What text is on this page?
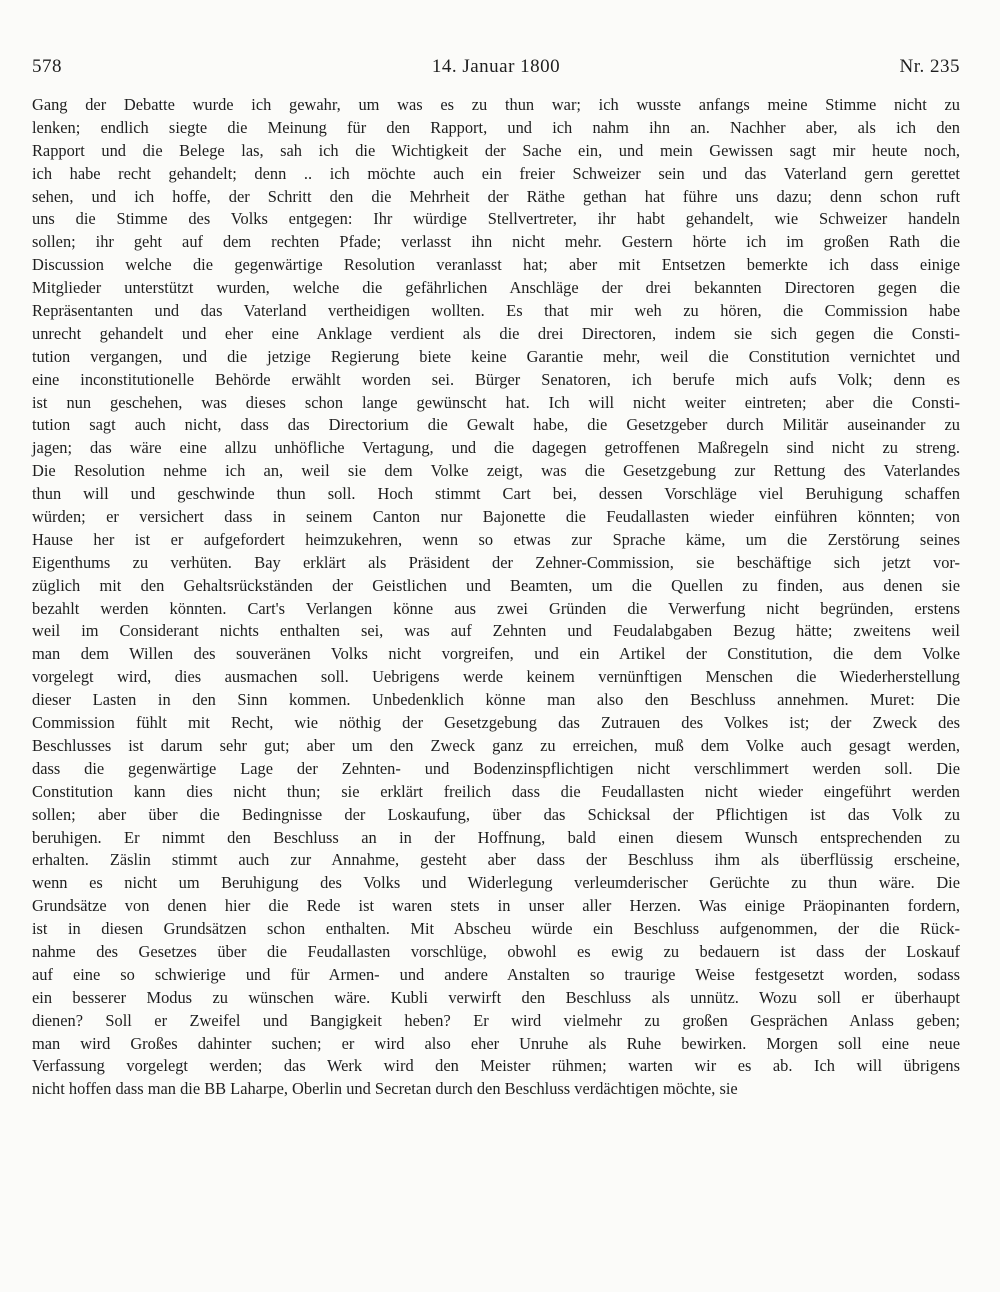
578	14. Januar 1800	Nr. 235
Gang der Debatte wurde ich gewahr, um was es zu thun war; ich wusste anfangs meine Stimme nicht zu
lenken; endlich siegte die Meinung für den Rapport, und ich nahm ihn an. Nachher aber, als ich den
Rapport und die Belege las, sah ich die Wichtigkeit der Sache ein, und mein Gewissen sagt mir heute noch,
ich habe recht gehandelt; denn .. ich möchte auch ein freier Schweizer sein und das Vaterland gern gerettet
sehen, und ich hoffe, der Schritt den die Mehrheit der Räthe gethan hat führe uns dazu; denn schon ruft
uns die Stimme des Volks entgegen: Ihr würdige Stellvertreter, ihr habt gehandelt, wie Schweizer handeln
sollen; ihr geht auf dem rechten Pfade; verlasst ihn nicht mehr. Gestern hörte ich im großen Rath die
Discussion welche die gegenwärtige Resolution veranlasst hat; aber mit Entsetzen bemerkte ich dass einige
Mitglieder unterstützt wurden, welche die gefährlichen Anschläge der drei bekannten Directoren gegen die
Repräsentanten und das Vaterland vertheidigen wollten. Es that mir weh zu hören, die Commission habe
unrecht gehandelt und eher eine Anklage verdient als die drei Directoren, indem sie sich gegen die Consti-
tution vergangen, und die jetzige Regierung biete keine Garantie mehr, weil die Constitution vernichtet und
eine inconstitutionelle Behörde erwählt worden sei. Bürger Senatoren, ich berufe mich aufs Volk; denn es
ist nun geschehen, was dieses schon lange gewünscht hat. Ich will nicht weiter eintreten; aber die Consti-
tution sagt auch nicht, dass das Directorium die Gewalt habe, die Gesetzgeber durch Militär auseinander zu
jagen; das wäre eine allzu unhöfliche Vertagung, und die dagegen getroffenen Maßregeln sind nicht zu streng.
Die Resolution nehme ich an, weil sie dem Volke zeigt, was die Gesetzgebung zur Rettung des Vaterlandes
thun will und geschwinde thun soll. Hoch stimmt Cart bei, dessen Vorschläge viel Beruhigung schaffen
würden; er versichert dass in seinem Canton nur Bajonette die Feudallasten wieder einführen könnten; von
Hause her ist er aufgefordert heimzukehren, wenn so etwas zur Sprache käme, um die Zerstörung seines
Eigenthums zu verhüten. Bay erklärt als Präsident der Zehner-Commission, sie beschäftige sich jetzt vor-
züglich mit den Gehaltsrückständen der Geistlichen und Beamten, um die Quellen zu finden, aus denen sie
bezahlt werden könnten. Cart's Verlangen könne aus zwei Gründen die Verwerfung nicht begründen, erstens
weil im Considerant nichts enthalten sei, was auf Zehnten und Feudalabgaben Bezug hätte; zweitens weil
man dem Willen des souveränen Volks nicht vorgreifen, und ein Artikel der Constitution, die dem Volke
vorgelegt wird, dies ausmachen soll. Uebrigens werde keinem vernünftigen Menschen die Wiederherstellung
dieser Lasten in den Sinn kommen. Unbedenklich könne man also den Beschluss annehmen. Muret: Die
Commission fühlt mit Recht, wie nöthig der Gesetzgebung das Zutrauen des Volkes ist; der Zweck des
Beschlusses ist darum sehr gut; aber um den Zweck ganz zu erreichen, muß dem Volke auch gesagt werden,
dass die gegenwärtige Lage der Zehnten- und Bodenzinspflichtigen nicht verschlimmert werden soll. Die
Constitution kann dies nicht thun; sie erklärt freilich dass die Feudallasten nicht wieder eingeführt werden
sollen; aber über die Bedingnisse der Loskaufung, über das Schicksal der Pflichtigen ist das Volk zu
beruhigen. Er nimmt den Beschluss an in der Hoffnung, bald einen diesem Wunsch entsprechenden zu
erhalten. Zäslin stimmt auch zur Annahme, gesteht aber dass der Beschluss ihm als überflüssig erscheine,
wenn es nicht um Beruhigung des Volks und Widerlegung verleumderischer Gerüchte zu thun wäre. Die
Grundsätze von denen hier die Rede ist waren stets in unser aller Herzen. Was einige Präopinanten fordern,
ist in diesen Grundsätzen schon enthalten. Mit Abscheu würde ein Beschluss aufgenommen, der die Rück-
nahme des Gesetzes über die Feudallasten vorschlüge, obwohl es ewig zu bedauern ist dass der Loskauf
auf eine so schwierige und für Armen- und andere Anstalten so traurige Weise festgesetzt worden, sodass
ein besserer Modus zu wünschen wäre. Kubli verwirft den Beschluss als unnütz. Wozu soll er überhaupt
dienen? Soll er Zweifel und Bangigkeit heben? Er wird vielmehr zu großen Gesprächen Anlass geben;
man wird Großes dahinter suchen; er wird also eher Unruhe als Ruhe bewirken. Morgen soll eine neue
Verfassung vorgelegt werden; das Werk wird den Meister rühmen; warten wir es ab. Ich will übrigens
nicht hoffen dass man die BB Laharpe, Oberlin und Secretan durch den Beschluss verdächtigen möchte, sie
